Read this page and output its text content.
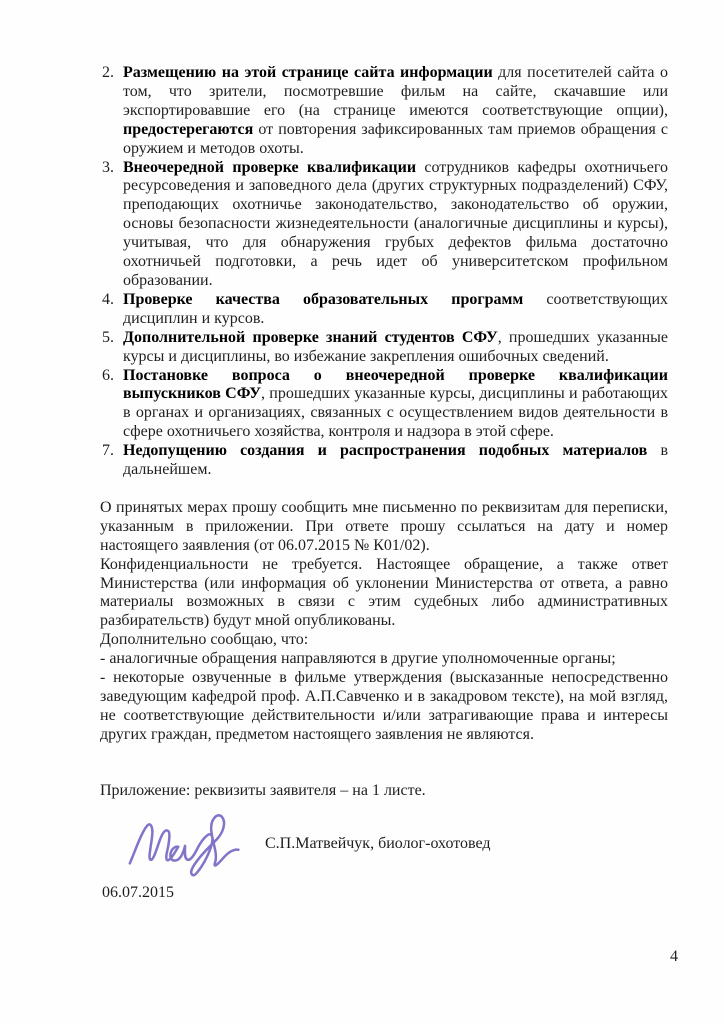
2. Размещению на этой странице сайта информации для посетителей сайта о том, что зрители, посмотревшие фильм на сайте, скачавшие или экспортировавшие его (на странице имеются соответствующие опции), предостерегаются от повторения зафиксированных там приемов обращения с оружием и методов охоты.
3. Внеочередной проверке квалификации сотрудников кафедры охотничьего ресурсоведения и заповедного дела (других структурных подразделений) СФУ, преподающих охотничье законодательство, законодательство об оружии, основы безопасности жизнедеятельности (аналогичные дисциплины и курсы), учитывая, что для обнаружения грубых дефектов фильма достаточно охотничьей подготовки, а речь идет об университетском профильном образовании.
4. Проверке качества образовательных программ соответствующих дисциплин и курсов.
5. Дополнительной проверке знаний студентов СФУ, прошедших указанные курсы и дисциплины, во избежание закрепления ошибочных сведений.
6. Постановке вопроса о внеочередной проверке квалификации выпускников СФУ, прошедших указанные курсы, дисциплины и работающих в органах и организациях, связанных с осуществлением видов деятельности в сфере охотничьего хозяйства, контроля и надзора в этой сфере.
7. Недопущению создания и распространения подобных материалов в дальнейшем.

О принятых мерах прошу сообщить мне письменно по реквизитам для переписки, указанным в приложении. При ответе прошу ссылаться на дату и номер настоящего заявления (от 06.07.2015 № К01/02).

Конфиденциальности не требуется. Настоящее обращение, а также ответ Министерства (или информация об уклонении Министерства от ответа, а равно материалы возможных в связи с этим судебных либо административных разбирательств) будут мной опубликованы.

Дополнительно сообщаю, что:

- аналогичные обращения направляются в другие уполномоченные органы;

- некоторые озвученные в фильме утверждения (высказанные непосредственно заведующим кафедрой проф. А.П.Савченко и в закадровом тексте), на мой взгляд, не соответствующие действительности и/или затрагивающие права и интересы других граждан, предметом настоящего заявления не являются.

Приложение: реквизиты заявителя – на 1 листе.

С.П.Матвейчук, биолог-охотовед
06.07.2015
4
